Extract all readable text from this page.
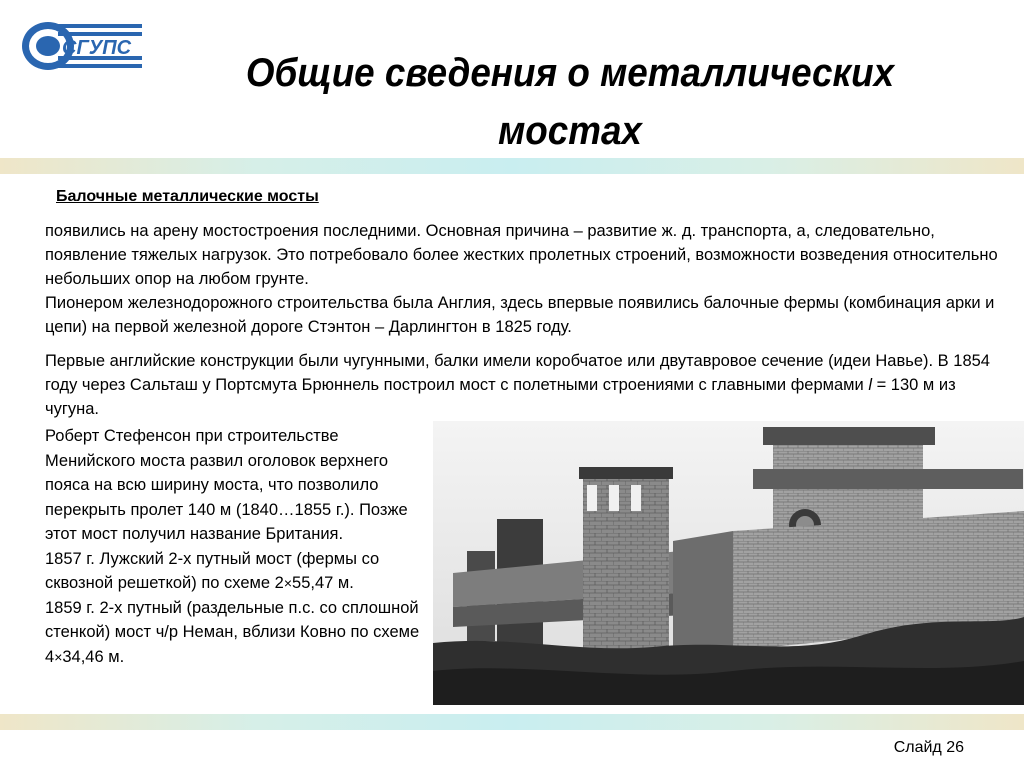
СГУПС
Общие сведения о металлических
мостах
Балочные металлические мосты
появились на арену мостостроения последними. Основная причина – развитие ж. д. транспорта, а, следовательно, появление тяжелых нагрузок. Это потребовало более жестких пролетных строений, возможности возведения относительно небольших опор на любом грунте.
Пионером железнодорожного строительства была Англия, здесь впервые появились балочные фермы (комбинация арки и цепи) на первой железной дороге Стэнтон – Дарлингтон в 1825 году.
Первые английские конструкции были чугунными, балки имели коробчатое или двутавровое сечение (идеи Навье). В 1854 году через Сальташ у Портсмута Брюннель построил мост с полетными строениями с главными фермами l = 130 м из чугуна.
Роберт Стефенсон при строительстве Менийского моста развил оголовок верхнего пояса на всю ширину моста, что позволило перекрыть пролет 140 м (1840…1855 г.). Позже этот мост получил название Британия.
1857 г. Лужский 2-х путный мост (фермы со сквозной решеткой) по схеме 2×55,47 м.
1859 г. 2-х путный (раздельные п.с. со сплошной стенкой) мост ч/р Неман, вблизи Ковно по схеме 4×34,46 м.
Слайд 26
